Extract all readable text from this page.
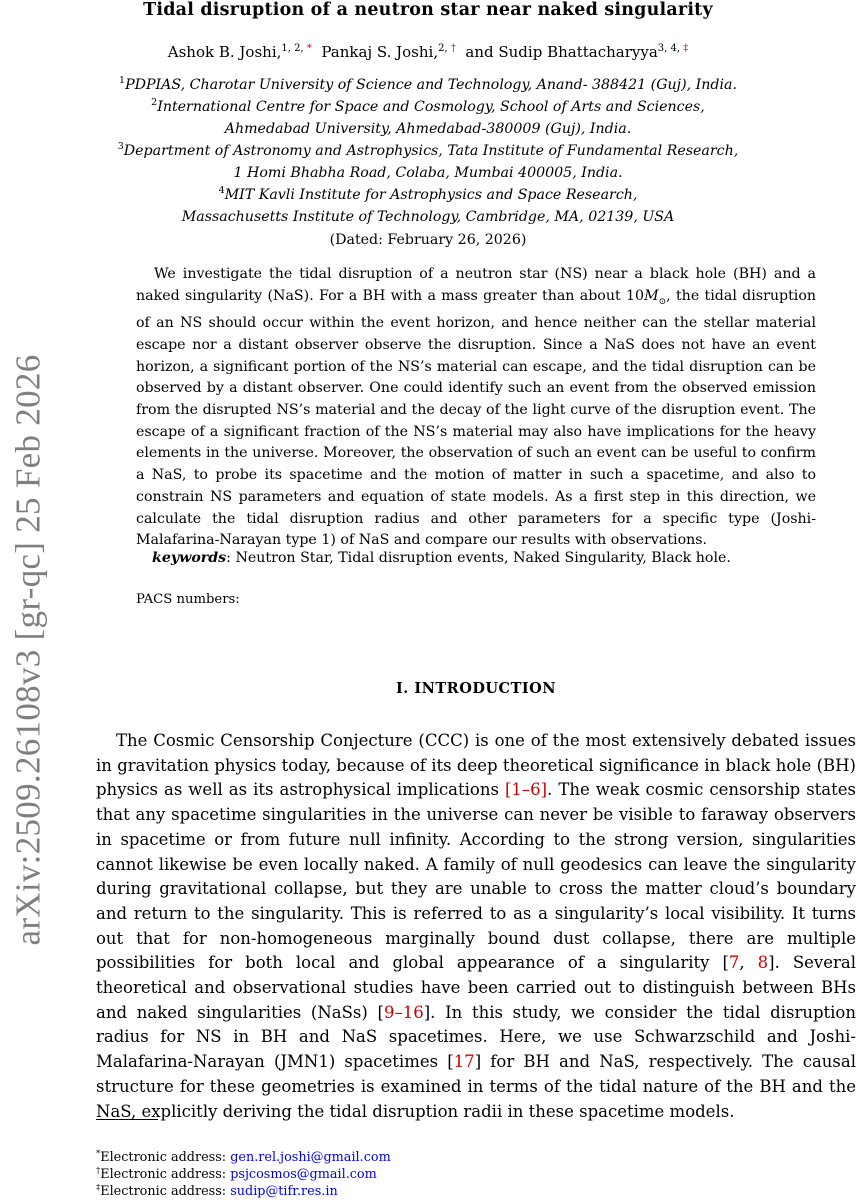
arXiv:2509.26108v3 [gr-qc] 25 Feb 2026
Tidal disruption of a neutron star near naked singularity
Ashok B. Joshi,$^{1, 2, *}$ Pankaj S. Joshi,$^{2, \dagger}$ and Sudip Bhattacharyya$^{3, 4, \ddagger}$
$^1$PDPIAS, Charotar University of Science and Technology, Anand- 388421 (Guj), India.
$^2$International Centre for Space and Cosmology, School of Arts and Sciences,
Ahmedabad University, Ahmedabad-380009 (Guj), India.
$^3$Department of Astronomy and Astrophysics, Tata Institute of Fundamental Research,
1 Homi Bhabha Road, Colaba, Mumbai 400005, India.
$^4$MIT Kavli Institute for Astrophysics and Space Research,
Massachusetts Institute of Technology, Cambridge, MA, 02139, USA
(Dated: February 26, 2026)

We investigate the tidal disruption of a neutron star (NS) near a black hole (BH) and a naked singularity (NaS). For a BH with a mass greater than about $10M_⊙$, the tidal disruption of an NS should occur within the event horizon, and hence neither can the stellar material escape nor a distant observer observe the disruption. Since a NaS does not have an event horizon, a significant portion of the NS’s material can escape, and the tidal disruption can be observed by a distant observer. One could identify such an event from the observed emission from the disrupted NS’s material and the decay of the light curve of the disruption event. The escape of a significant fraction of the NS’s material may also have implications for the heavy elements in the universe. Moreover, the observation of such an event can be useful to confirm a NaS, to probe its spacetime and the motion of matter in such a spacetime, and also to constrain NS parameters and equation of state models. As a first step in this direction, we calculate the tidal disruption radius and other parameters for a specific type (Joshi-Malafarina-Narayan type 1) of NaS and compare our results with observations.

keywords: Neutron Star, Tidal disruption events, Naked Singularity, Black hole.
PACS numbers:
I. INTRODUCTION

The Cosmic Censorship Conjecture (CCC) is one of the most extensively debated issues in gravitation physics today, because of its deep theoretical significance in black hole (BH) physics as well as its astrophysical implications [1–6]. The weak cosmic censorship states that any spacetime singularities in the universe can never be visible to faraway observers in spacetime or from future null infinity. According to the strong version, singularities cannot likewise be even locally naked. A family of null geodesics can leave the singularity during gravitational collapse, but they are unable to cross the matter cloud’s boundary and return to the singularity. This is referred to as a singularity’s local visibility. It turns out that for non-homogeneous marginally bound dust collapse, there are multiple possibilities for both local and global appearance of a singularity [7, 8]. Several theoretical and observational studies have been carried out to distinguish between BHs and naked singularities (NaSs) [9–16]. In this study, we consider the tidal disruption radius for NS in BH and NaS spacetimes. Here, we use Schwarzschild and Joshi-Malafarina-Narayan (JMN1) spacetimes [17] for BH and NaS, respectively. The causal structure for these geometries is examined in terms of the tidal nature of the BH and the NaS, explicitly deriving the tidal disruption radii in these spacetime models.

*Electronic address: gen.rel.joshi@gmail.com
†Electronic address: psjcosmos@gmail.com
‡Electronic address: sudip@tifr.res.in
